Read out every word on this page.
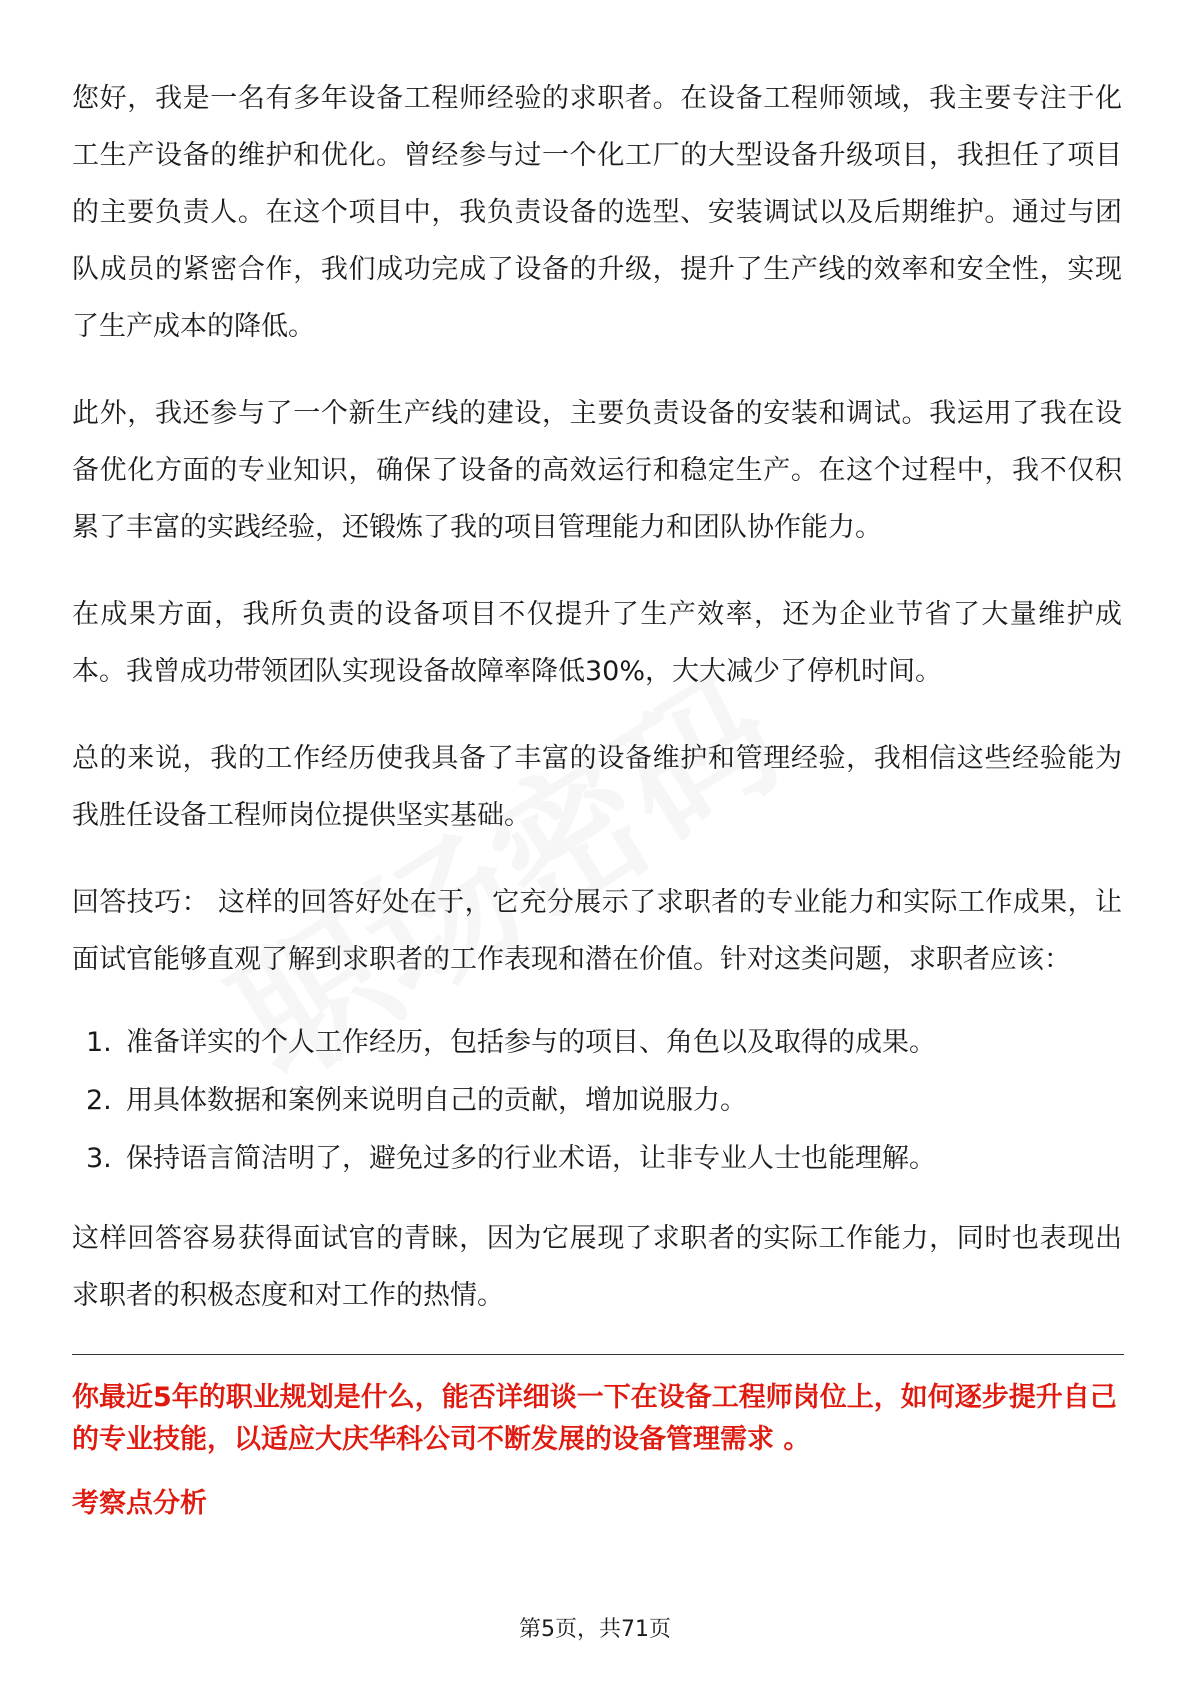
您好，我是一名有多年设备工程师经验的求职者。在设备工程师领域，我主要专注于化工生产设备的维护和优化。曾经参与过一个化工厂的大型设备升级项目，我担任了项目的主要负责人。在这个项目中，我负责设备的选型、安装调试以及后期维护。通过与团队成员的紧密合作，我们成功完成了设备的升级，提升了生产线的效率和安全性，实现了生产成本的降低。

此外，我还参与了一个新生产线的建设，主要负责设备的安装和调试。我运用了我在设备优化方面的专业知识，确保了设备的高效运行和稳定生产。在这个过程中，我不仅积累了丰富的实践经验，还锻炼了我的项目管理能力和团队协作能力。

在成果方面，我所负责的设备项目不仅提升了生产效率，还为企业节省了大量维护成本。我曾成功带领团队实现设备故障率降低30%，大大减少了停机时间。

总的来说，我的工作经历使我具备了丰富的设备维护和管理经验，我相信这些经验能为我胜任设备工程师岗位提供坚实基础。

回答技巧： 这样的回答好处在于，它充分展示了求职者的专业能力和实际工作成果，让面试官能够直观了解到求职者的工作表现和潜在价值。针对这类问题，求职者应该：

1. 准备详实的个人工作经历，包括参与的项目、角色以及取得的成果。
2. 用具体数据和案例来说明自己的贡献，增加说服力。
3. 保持语言简洁明了，避免过多的行业术语，让非专业人士也能理解。

这样回答容易获得面试官的青睐，因为它展现了求职者的实际工作能力，同时也表现出求职者的积极态度和对工作的热情。

你最近5年的职业规划是什么，能否详细谈一下在设备工程师岗位上，如何逐步提升自己的专业技能，以适应大庆华科公司不断发展的设备管理需求 。

考察点分析

第5页，共71页
